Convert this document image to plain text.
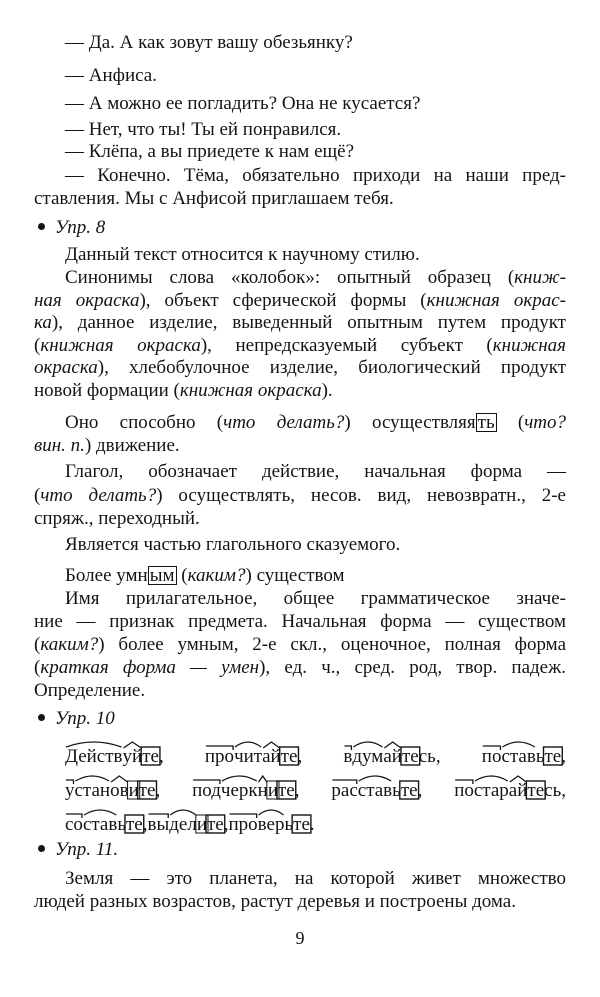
— Да. А как зовут вашу обезьянку?
— Анфиса.
— А можно ее погладить? Она не кусается?
— Нет, что ты! Ты ей понравился.
— Клёпа, а вы приедете к нам ещё?
— Конечно. Тёма, обязательно приходи на наши пред-
ставления. Мы с Анфисой приглашаем тебя.
Упр. 8
Данный текст относится к научному стилю.
Синонимы слова «колобок»: опытный образец (книж-
ная окраска), объект сферической формы (книжная окрас-
ка), данное изделие, выведенный опытным путем продукт
(книжная окраска), непредсказуемый субъект (книжная
окраска), хлебобулочное изделие, биологический продукт
новой формации (книжная окраска).
Оно способно (что делать?) осуществляя ть (что?
вин. п.) движение.
Глагол, обозначает действие, начальная форма —
(что делать?) осуществлять, несов. вид, невозвратн., 2-е
спряж., переходный.
Является частью глагольного сказуемого.
Более умн ым (каким?) существом
Имя прилагательное, общее грамматическое значе-
ние — признак предмета. Начальная форма — существом
(каким?) более умным, 2-е скл., оценочное, полная форма
(краткая форма — умен), ед. ч., сред. род, твор. падеж.
Определение.
Упр. 10
Действ уй те , про чит ай те , в дум ай те сь , по став ь те ,
у стан ов и те , под черк н и те , рас став ь те , по стар ай те сь ,
со став ь те , вы дел и те , про вер ь те .
Упр. 11.
Земля — это планета, на которой живет множество
людей разных возрастов, растут деревья и построены дома.
9
